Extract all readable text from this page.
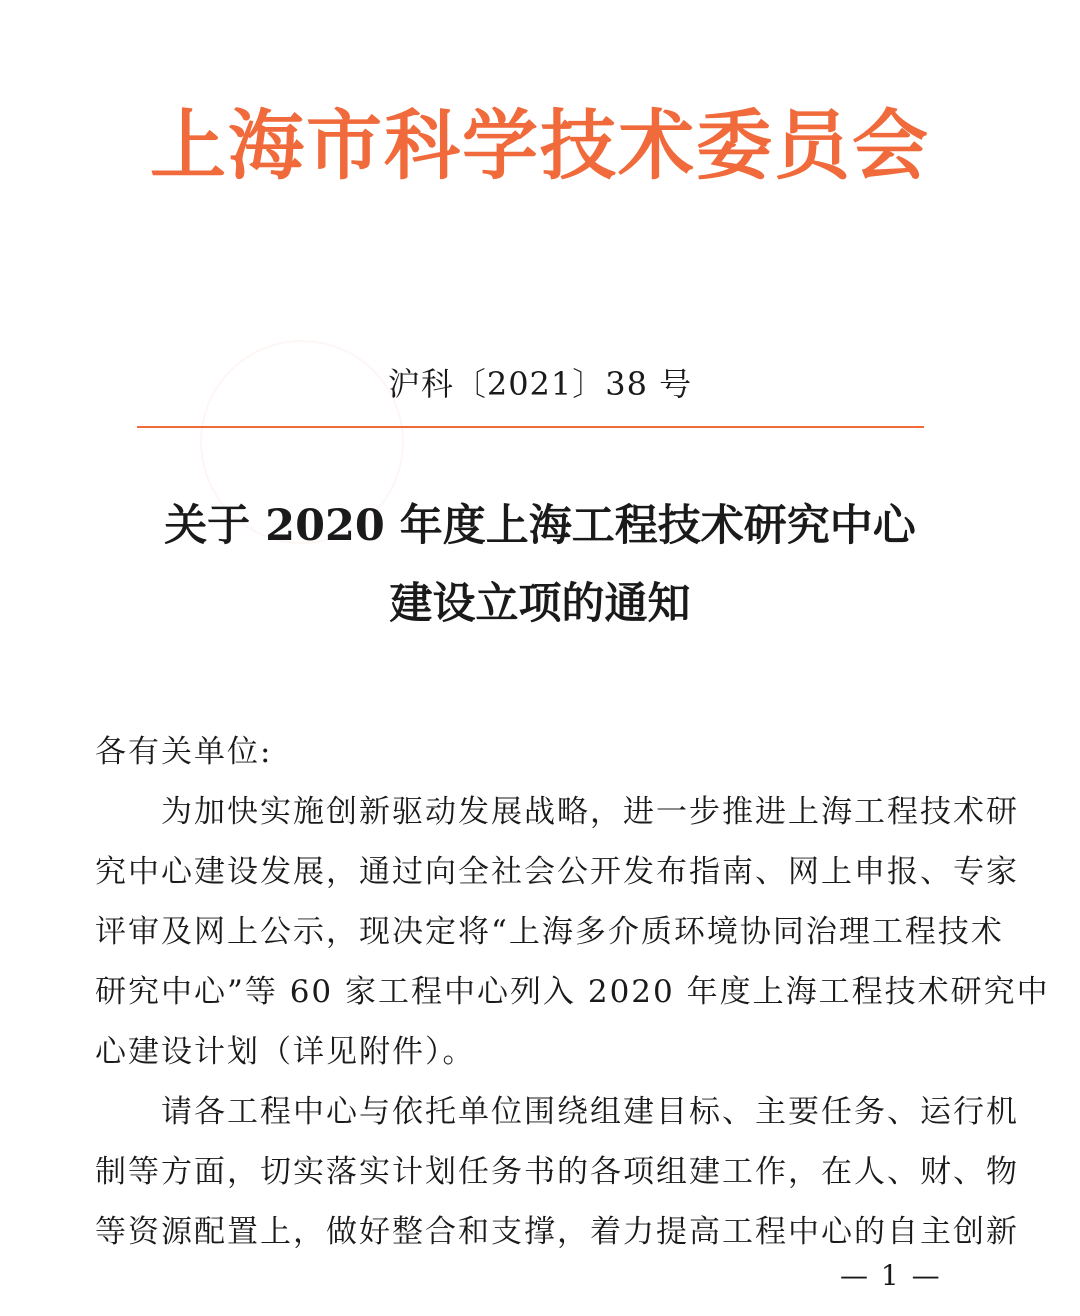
上海市科学技术委员会
沪科〔2021〕38 号
关于 2020 年度上海工程技术研究中心
建设立项的通知
各有关单位:
　　为加快实施创新驱动发展战略，进一步推进上海工程技术研
究中心建设发展，通过向全社会公开发布指南、网上申报、专家
评审及网上公示，现决定将“上海多介质环境协同治理工程技术
研究中心”等 60 家工程中心列入 2020 年度上海工程技术研究中
心建设计划（详见附件）。
　　请各工程中心与依托单位围绕组建目标、主要任务、运行机
制等方面，切实落实计划任务书的各项组建工作，在人、财、物
等资源配置上，做好整合和支撑，着力提高工程中心的自主创新
— 1 —
